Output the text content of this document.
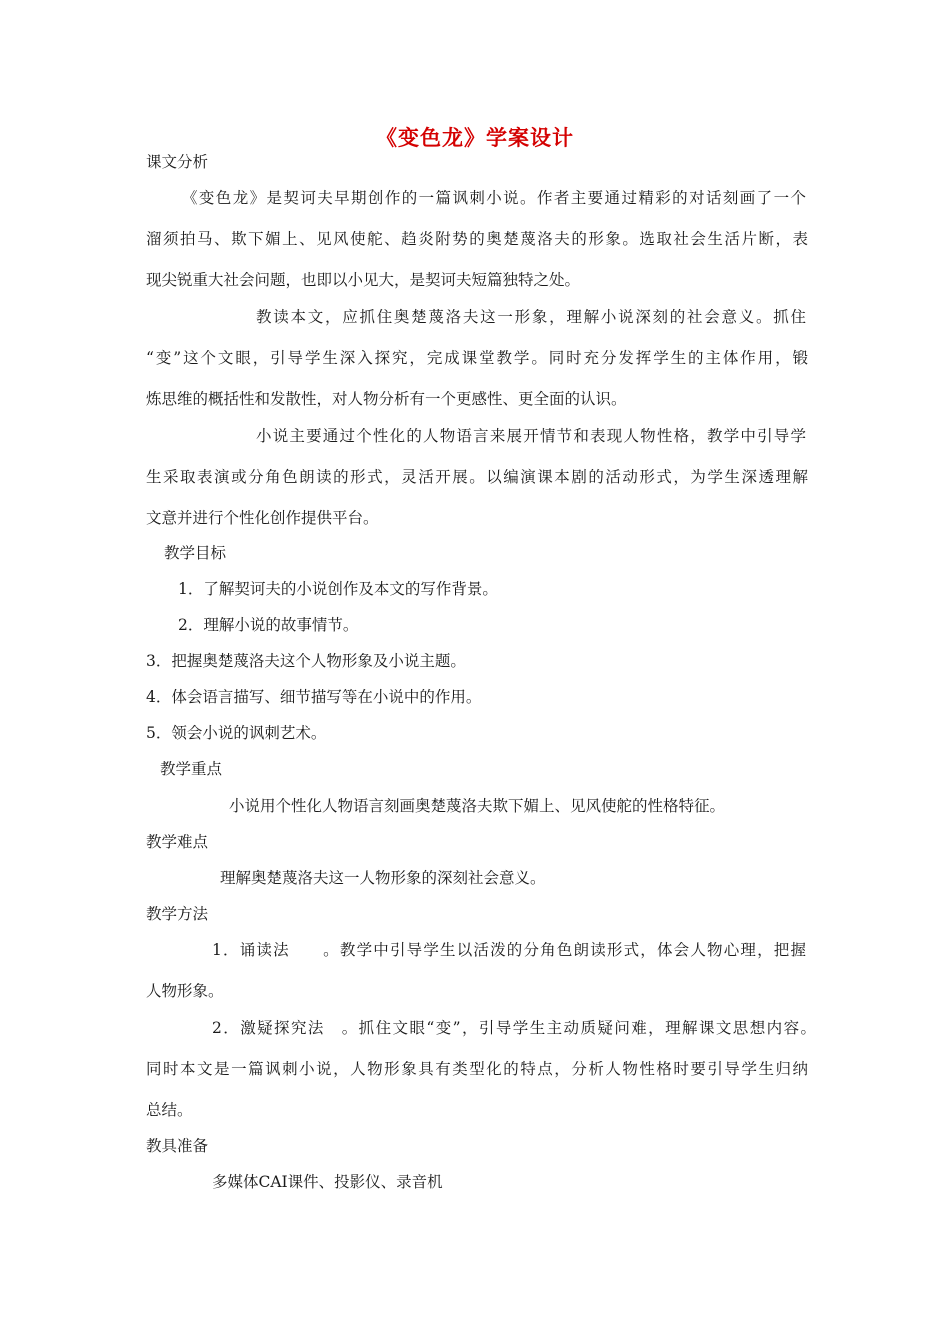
《变色龙》学案设计
课文分析
《变色龙》是契诃夫早期创作的一篇讽刺小说。作者主要通过精彩的对话刻画了一个
溜须拍马、欺下媚上、见风使舵、趋炎附势的奥楚蔑洛夫的形象。选取社会生活片断，表
现尖锐重大社会问题，也即以小见大，是契诃夫短篇独特之处。
教读本文，应抓住奥楚蔑洛夫这一形象，理解小说深刻的社会意义。抓住
“变”这个文眼，引导学生深入探究，完成课堂教学。同时充分发挥学生的主体作用，锻
炼思维的概括性和发散性，对人物分析有一个更感性、更全面的认识。
小说主要通过个性化的人物语言来展开情节和表现人物性格，教学中引导学
生采取表演或分角色朗读的形式，灵活开展。以编演课本剧的活动形式，为学生深透理解
文意并进行个性化创作提供平台。
教学目标
1．了解契诃夫的小说创作及本文的写作背景。
2．理解小说的故事情节。
3．把握奥楚蔑洛夫这个人物形象及小说主题。
4．体会语言描写、细节描写等在小说中的作用。
5．领会小说的讽刺艺术。
教学重点
小说用个性化人物语言刻画奥楚蔑洛夫欺下媚上、见风使舵的性格特征。
教学难点
理解奥楚蔑洛夫这一人物形象的深刻社会意义。
教学方法
1．诵读法　　。教学中引导学生以活泼的分角色朗读形式，体会人物心理，把握
人物形象。
2．激疑探究法　。抓住文眼“变”，引导学生主动质疑问难，理解课文思想内容。
同时本文是一篇讽刺小说，人物形象具有类型化的特点，分析人物性格时要引导学生归纳
总结。
教具准备
多媒体CAI课件、投影仪、录音机
